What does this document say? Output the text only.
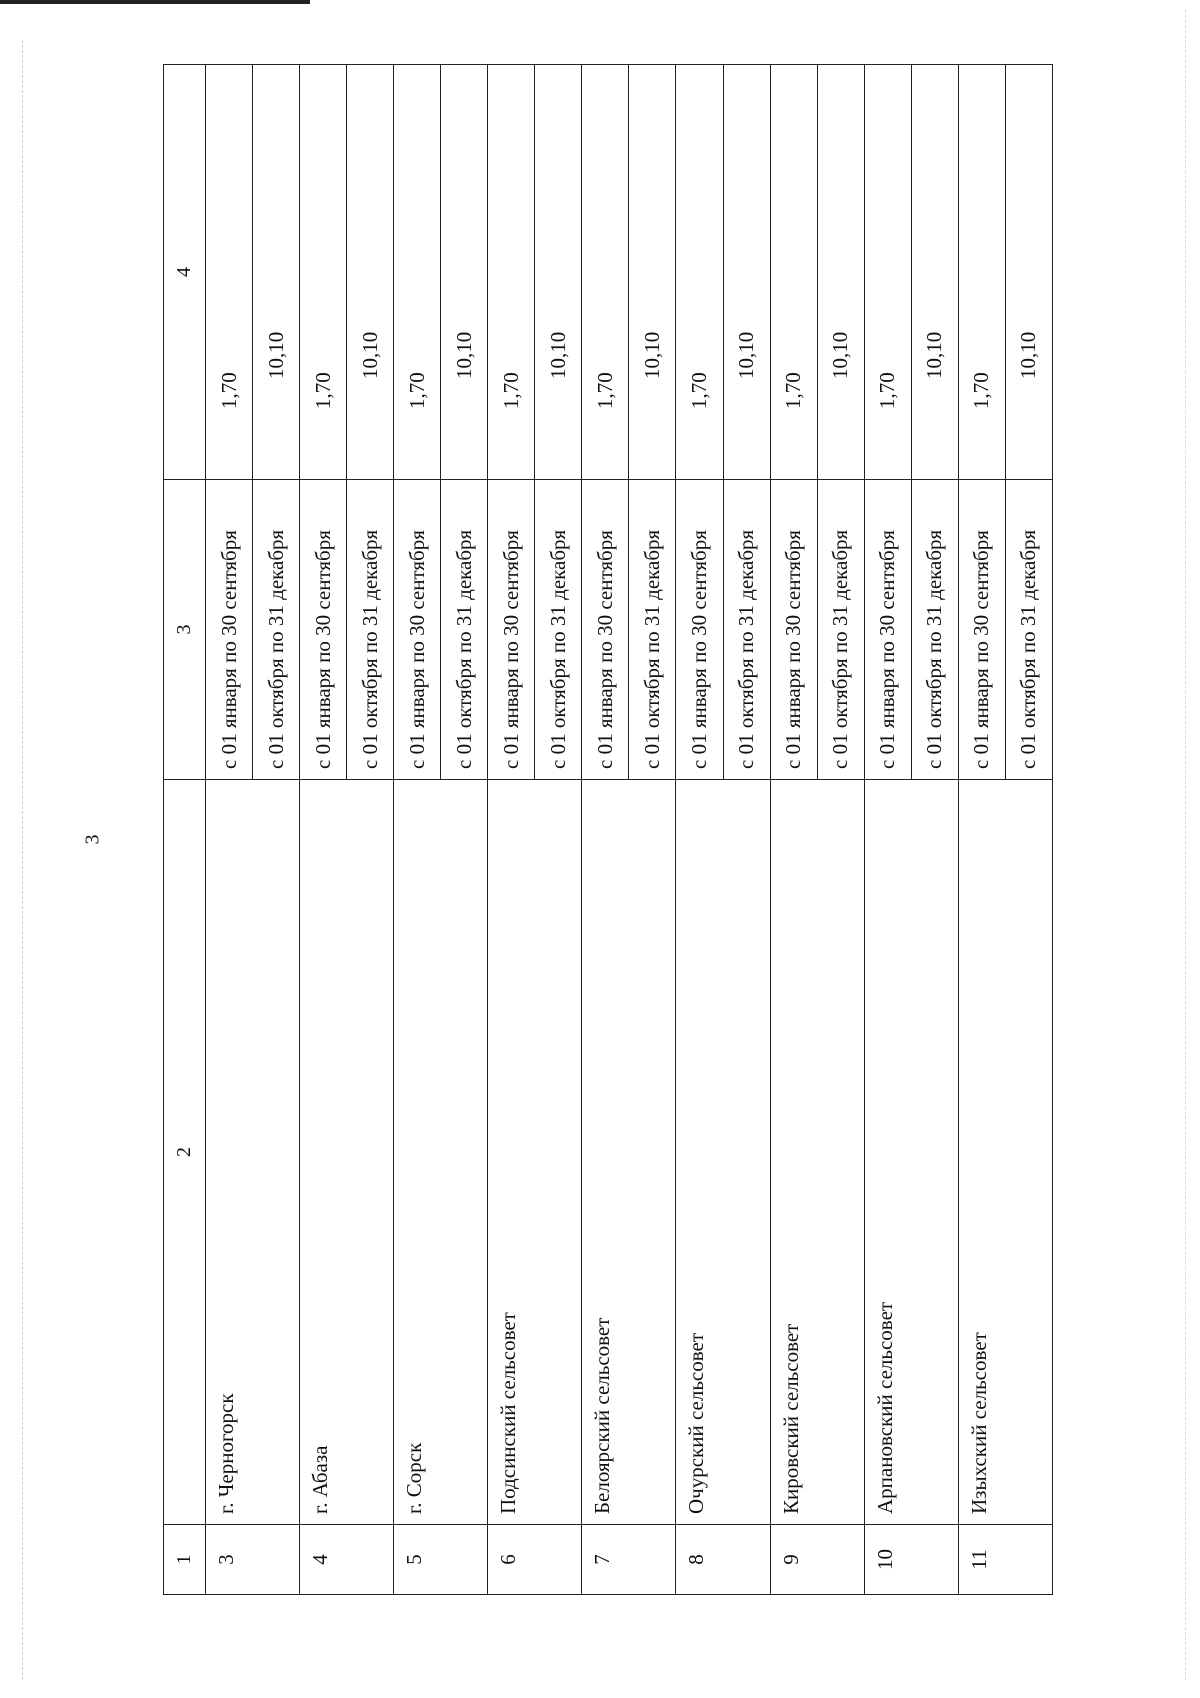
3
1	2	3	4
3	г. Черногорск	с 01 января по 30 сентября	1,70
		с 01 октября по 31 декабря	10,10
4	г. Абаза	с 01 января по 30 сентября	1,70
		с 01 октября по 31 декабря	10,10
5	г. Сорск	с 01 января по 30 сентября	1,70
		с 01 октября по 31 декабря	10,10
6	Подсинский сельсовет	с 01 января по 30 сентября	1,70
		с 01 октября по 31 декабря	10,10
7	Белоярский сельсовет	с 01 января по 30 сентября	1,70
		с 01 октября по 31 декабря	10,10
8	Очурский сельсовет	с 01 января по 30 сентября	1,70
		с 01 октября по 31 декабря	10,10
9	Кировский сельсовет	с 01 января по 30 сентября	1,70
		с 01 октября по 31 декабря	10,10
10	Арпановский сельсовет	с 01 января по 30 сентября	1,70
		с 01 октября по 31 декабря	10,10
11	Изыхский сельсовет	с 01 января по 30 сентября	1,70
		с 01 октября по 31 декабря	10,10
